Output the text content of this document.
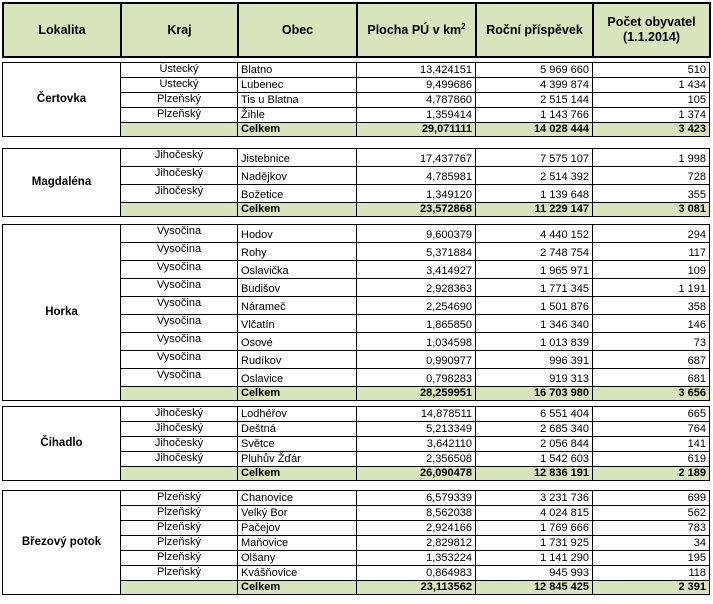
Lokalita	Kraj	Obec	Plocha PÚ v $km^2$	Roční příspěvek	Počet obyvatel
(1.1.2014)
Čertovka	Ústecký	Blatno	13,424151	5 969 660	510
	Ústecký	Lubenec	9,499686	4 399 874	1 434
	Plzeňský	Tis u Blatna	4,787860	2 515 144	105
	Plzeňský	Žihle	1,359414	1 143 766	1 374
		Celkem	29,071111	14 028 444	3 423
Magdaléna	Jihočeský	Jistebnice	17,437767	7 575 107	1 998
	Jihočeský	Nadějkov	4,785981	2 514 392	728
	Jihočeský	Božetice	1,349120	1 139 648	355
		Celkem	23,572868	11 229 147	3 081
Horka	Vysočina	Hodov	9,600379	4 440 152	294
	Vysočina	Rohy	5,371884	2 748 754	117
	Vysočina	Oslavička	3,414927	1 965 971	109
	Vysočina	Budišov	2,928363	1 771 345	1 191
	Vysočina	Náramеč	2,254690	1 501 876	358
	Vysočina	Vlčatín	1,865850	1 346 340	146
	Vysočina	Osové	1,034598	1 013 839	73
	Vysočina	Rudíkov	0,990977	996 391	687
	Vysočina	Oslavice	0,798283	919 313	681
		Celkem	28,259951	16 703 980	3 656
Čihadlo	Jihočeský	Lodhéřov	14,878511	6 551 404	665
	Jihočeský	Deštná	5,213349	2 685 340	764
	Jihočeský	Světce	3,642110	2 056 844	141
	Jihočeský	Pluhův Žďár	2,356508	1 542 603	619
		Celkem	26,090478	12 836 191	2 189
Březový potok	Plzeňský	Chanovice	6,579339	3 231 736	699
	Plzeňský	Velký Bor	8,562038	4 024 815	562
	Plzeňský	Pačejov	2,924166	1 769 666	783
	Plzeňský	Maňovice	2,829812	1 731 925	34
	Plzeňský	Olšany	1,353224	1 141 290	195
	Plzeňský	Kvášňovice	0,864983	945 993	118
		Celkem	23,113562	12 845 425	2 391
